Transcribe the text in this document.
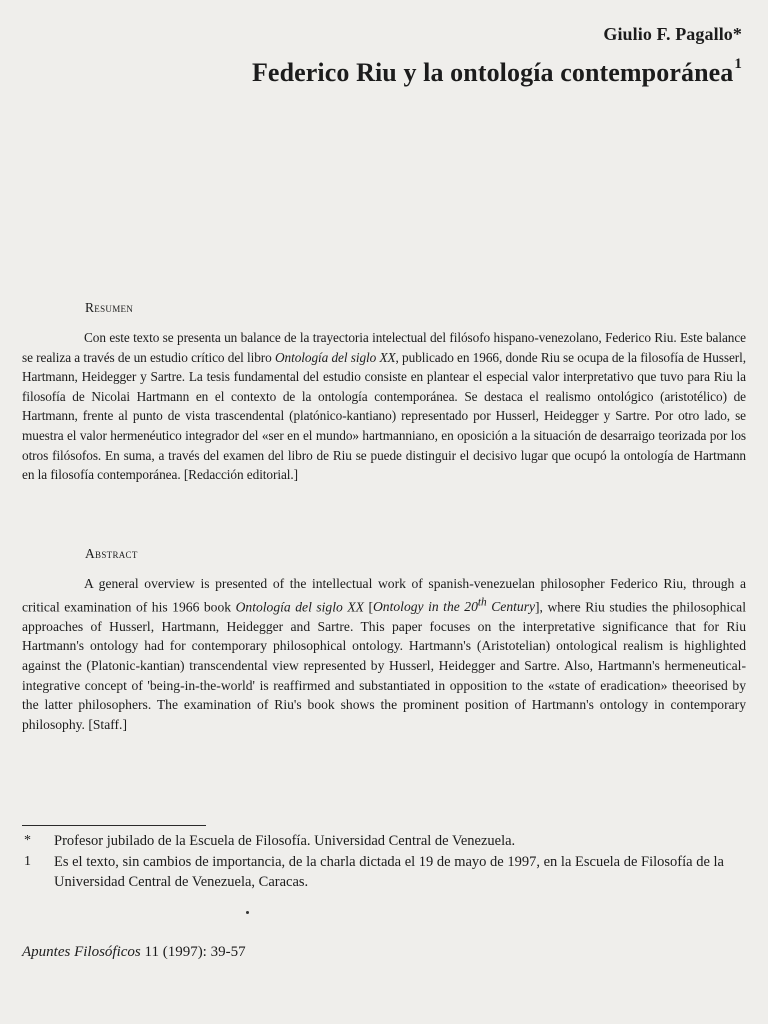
Giulio F. Pagallo*
Federico Riu y la ontología contemporánea$^1$
Resumen

Con este texto se presenta un balance de la trayectoria intelectual del filósofo hispano-venezolano, Federico Riu. Este balance se realiza a través de un estudio crítico del libro Ontología del siglo XX, publicado en 1966, donde Riu se ocupa de la filosofía de Husserl, Hartmann, Heidegger y Sartre. La tesis fundamental del estudio consiste en plantear el especial valor interpretativo que tuvo para Riu la filosofía de Nicolai Hartmann en el contexto de la ontología contemporánea. Se destaca el realismo ontológico (aristotélico) de Hartmann, frente al punto de vista trascendental (platónico-kantiano) representado por Husserl, Heidegger y Sartre. Por otro lado, se muestra el valor hermenéutico integrador del «ser en el mundo» hartmanniano, en oposición a la situación de desarraigo teorizada por los otros filósofos. En suma, a través del examen del libro de Riu se puede distinguir el decisivo lugar que ocupó la ontología de Hartmann en la filosofía contemporánea. [Redacción editorial.]

Abstract

A general overview is presented of the intellectual work of spanish-venezuelan philosopher Federico Riu, through a critical examination of his 1966 book Ontología del siglo XX [Ontology in the 20th Century], where Riu studies the philosophical approaches of Husserl, Hartmann, Heidegger and Sartre. This paper focuses on the interpretative significance that for Riu Hartmann's ontology had for contemporary philosophical ontology. Hartmann's (Aristotelian) ontological realism is highlighted against the (Platonic-kantian) transcendental view represented by Husserl, Heidegger and Sartre. Also, Hartmann's hermeneutical-integrative concept of 'being-in-the-world' is reaffirmed and substantiated in opposition to the «state of eradication» theeorised by the latter philosophers. The examination of Riu's book shows the prominent position of Hartmann's ontology in contemporary philosophy. [Staff.]

* Profesor jubilado de la Escuela de Filosofía. Universidad Central de Venezuela.
1 Es el texto, sin cambios de importancia, de la charla dictada el 19 de mayo de 1997, en la Escuela de Filosofía de la Universidad Central de Venezuela, Caracas.
Apuntes Filosóficos 11 (1997): 39-57
